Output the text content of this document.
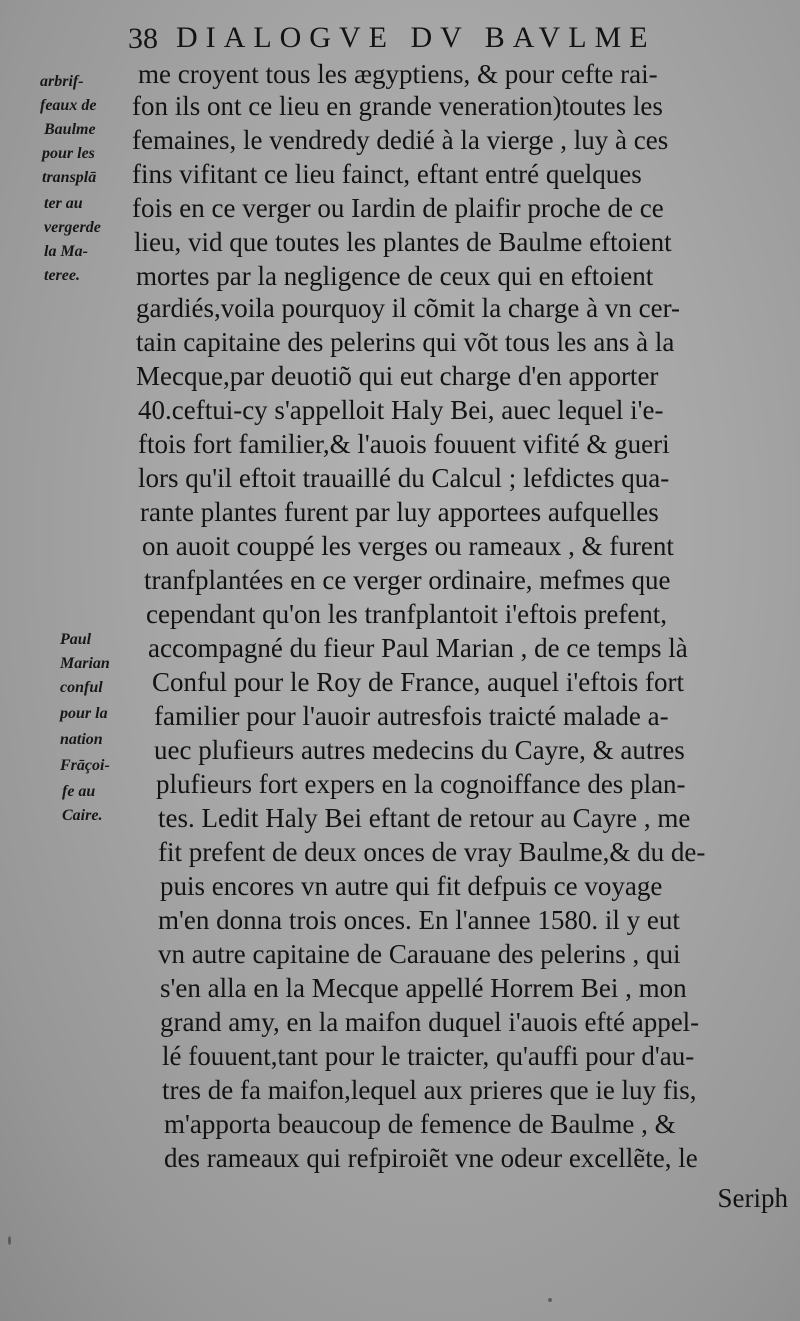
38 DIALOGVE DV BAVLME
arbrif-
feaux de
Baulme
pour les
transplā
ter au
vergerde
la Ma-
teree.
Paul
Marian
conful
pour la
nation
Frāçoi-
fe au
Caire.
me croyent tous les ægyptiens, & pour cefte rai-
fon ils ont ce lieu en grande veneration)toutes les
femaines, le vendredy dedié à la vierge , luy à ces
fins vifitant ce lieu fainct, eftant entré quelques
fois en ce verger ou Iardin de plaifir proche de ce
lieu, vid que toutes les plantes de Baulme eftoient
mortes par la negligence de ceux qui en eftoient
gardiés,voila pourquoy il cõmit la charge à vn cer-
tain capitaine des pelerins qui võt tous les ans à la
Mecque,par deuotiõ qui eut charge d'en apporter
40.ceftui-cy s'appelloit Haly Bei, auec lequel i'e-
ftois fort familier,& l'auois fouuent vifité & gueri
lors qu'il eftoit trauaillé du Calcul ; lefdictes qua-
rante plantes furent par luy apportees aufquelles
on auoit couppé les verges ou rameaux , & furent
tranfplantées en ce verger ordinaire, mefmes que
cependant qu'on les tranfplantoit i'eftois prefent,
accompagné du fieur Paul Marian , de ce temps là
Conful pour le Roy de France, auquel i'eftois fort
familier pour l'auoir autresfois traicté malade a-
uec plufieurs autres medecins du Cayre, & autres
plufieurs fort expers en la cognoiffance des plan-
tes. Ledit Haly Bei eftant de retour au Cayre , me
fit prefent de deux onces de vray Baulme,& du de-
puis encores vn autre qui fit defpuis ce voyage
m'en donna trois onces. En l'annee 1580. il y eut
vn autre capitaine de Carauane des pelerins , qui
s'en alla en la Mecque appellé Horrem Bei , mon
grand amy, en la maifon duquel i'auois efté appel-
lé fouuent,tant pour le traicter, qu'auffi pour d'au-
tres de fa maifon,lequel aux prieres que ie luy fis,
m'apporta beaucoup de femence de Baulme , &
des rameaux qui refpiroiẽt vne odeur excellẽte, le
Seriph
